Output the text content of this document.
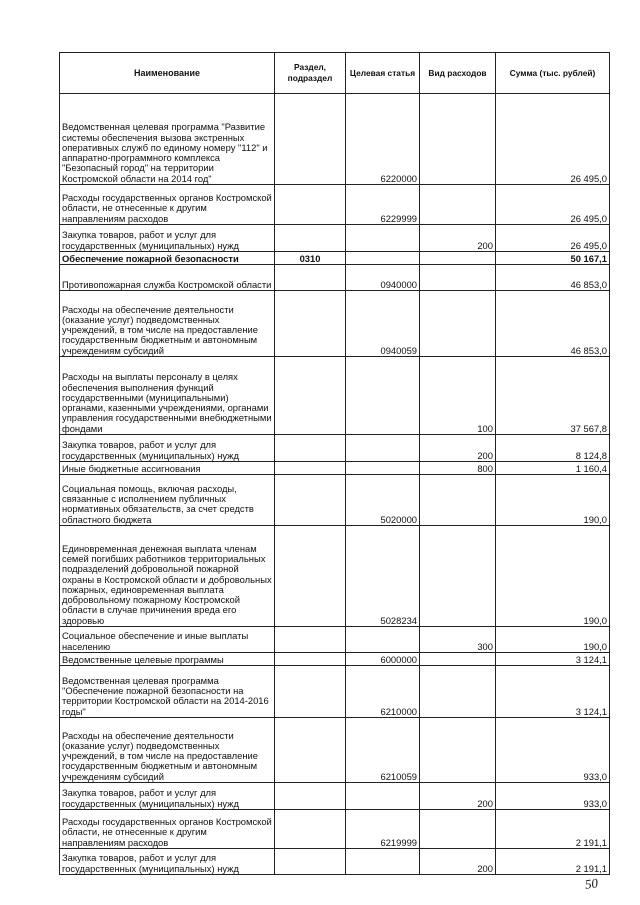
Наименование	Раздел, подраздел	Целевая статья	Вид расходов	Сумма (тыс. рублей)
Ведомственная целевая программа "Развитие системы обеспечения вызова экстренных оперативных служб по единому номеру "112" и аппаратно-программного комплекса "Безопасный город" на территории Костромской области на 2014 год"		6220000		26 495,0
Расходы государственных органов Костромской области, не отнесенные к другим направлениям расходов		6229999		26 495,0
Закупка товаров, работ и услуг для государственных (муниципальных) нужд			200	26 495,0
Обеспечение пожарной безопасности	0310			50 167,1
Противопожарная служба Костромской области		0940000		46 853,0
Расходы на обеспечение деятельности (оказание услуг) подведомственных учреждений, в том числе на предоставление государственным бюджетным и автономным учреждениям субсидий		0940059		46 853,0
Расходы на выплаты персоналу в целях обеспечения выполнения функций государственными (муниципальными) органами, казенными учреждениями, органами управления государственными внебюджетными фондами			100	37 567,8
Закупка товаров, работ и услуг для государственных (муниципальных) нужд			200	8 124,8
Иные бюджетные ассигнования			800	1 160,4
Социальная помощь, включая расходы, связанные с исполнением публичных нормативных обязательств, за счет средств областного бюджета		5020000		190,0
Единовременная денежная выплата членам семей погибших работников территориальных подразделений добровольной пожарной охраны в Костромской области и добровольных пожарных, единовременная выплата добровольному пожарному Костромской области в случае причинения вреда его здоровью		5028234		190,0
Социальное обеспечение и иные выплаты населению			300	190,0
Ведомственные целевые программы		6000000		3 124,1
Ведомственная целевая программа "Обеспечение пожарной безопасности на территории Костромской области на 2014-2016 годы"		6210000		3 124,1
Расходы на обеспечение деятельности (оказание услуг) подведомственных учреждений, в том числе на предоставление государственным бюджетным и автономным учреждениям субсидий		6210059		933,0
Закупка товаров, работ и услуг для государственных (муниципальных) нужд			200	933,0
Расходы государственных органов Костромской области, не отнесенные к другим направлениям расходов		6219999		2 191,1
Закупка товаров, работ и услуг для государственных (муниципальных) нужд			200	2 191,1
50
